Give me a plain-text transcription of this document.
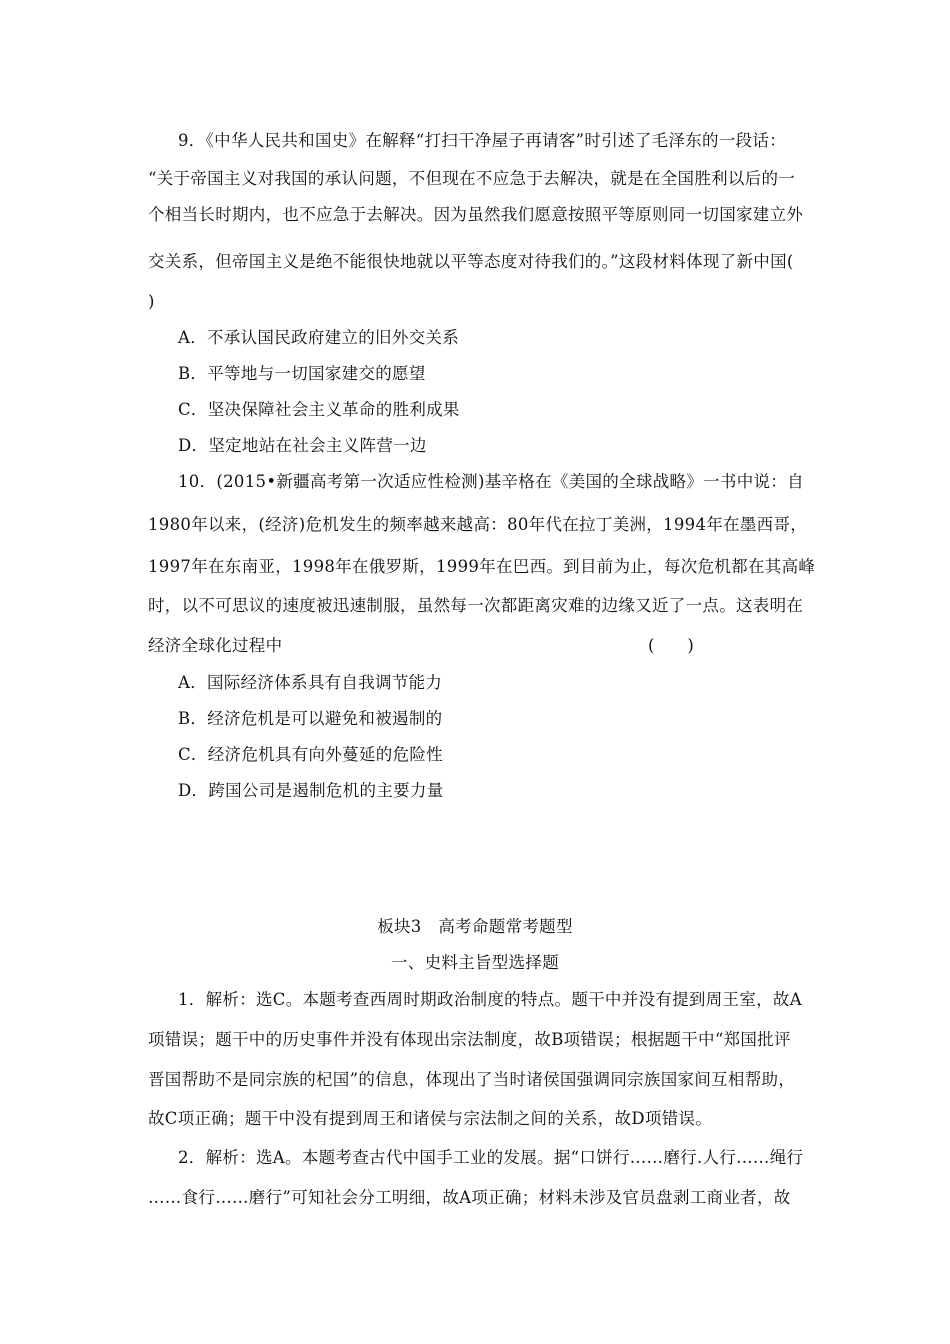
9．《中华人民共和国史》在解释“打扫干净屋子再请客”时引述了毛泽东的一段话：
“关于帝国主义对我国的承认问题，不但现在不应急于去解决，就是在全国胜利以后的一
个相当长时期内，也不应急于去解决。因为虽然我们愿意按照平等原则同一切国家建立外
交关系，但帝国主义是绝不能很快地就以平等态度对待我们的。”这段材料体现了新中国(
)
A．不承认国民政府建立的旧外交关系
B．平等地与一切国家建交的愿望
C．坚决保障社会主义革命的胜利成果
D．坚定地站在社会主义阵营一边
10．(2015•新疆高考第一次适应性检测)基辛格在《美国的全球战略》一书中说：自
1980年以来，(经济)危机发生的频率越来越高：80年代在拉丁美洲，1994年在墨西哥，
1997年在东南亚，1998年在俄罗斯，1999年在巴西。到目前为止，每次危机都在其高峰
时，以不可思议的速度被迅速制服，虽然每一次都距离灾难的边缘又近了一点。这表明在
经济全球化过程中	(　　)
A．国际经济体系具有自我调节能力
B．经济危机是可以避免和被遏制的
C．经济危机具有向外蔓延的危险性
D．跨国公司是遏制危机的主要力量
板块3　高考命题常考题型
一、史料主旨型选择题
1．解析：选C。本题考查西周时期政治制度的特点。题干中并没有提到周王室，故A
项错误；题干中的历史事件并没有体现出宗法制度，故B项错误；根据题干中“郑国批评
晋国帮助不是同宗族的杞国”的信息，体现出了当时诸侯国强调同宗族国家间互相帮助，
故C项正确；题干中没有提到周王和诸侯与宗法制之间的关系，故D项错误。
2．解析：选A。本题考查古代中国手工业的发展。据“口饼行……磨行.人行……绳行
……食行……磨行”可知社会分工明细，故A项正确；材料未涉及官员盘剥工商业者，故
